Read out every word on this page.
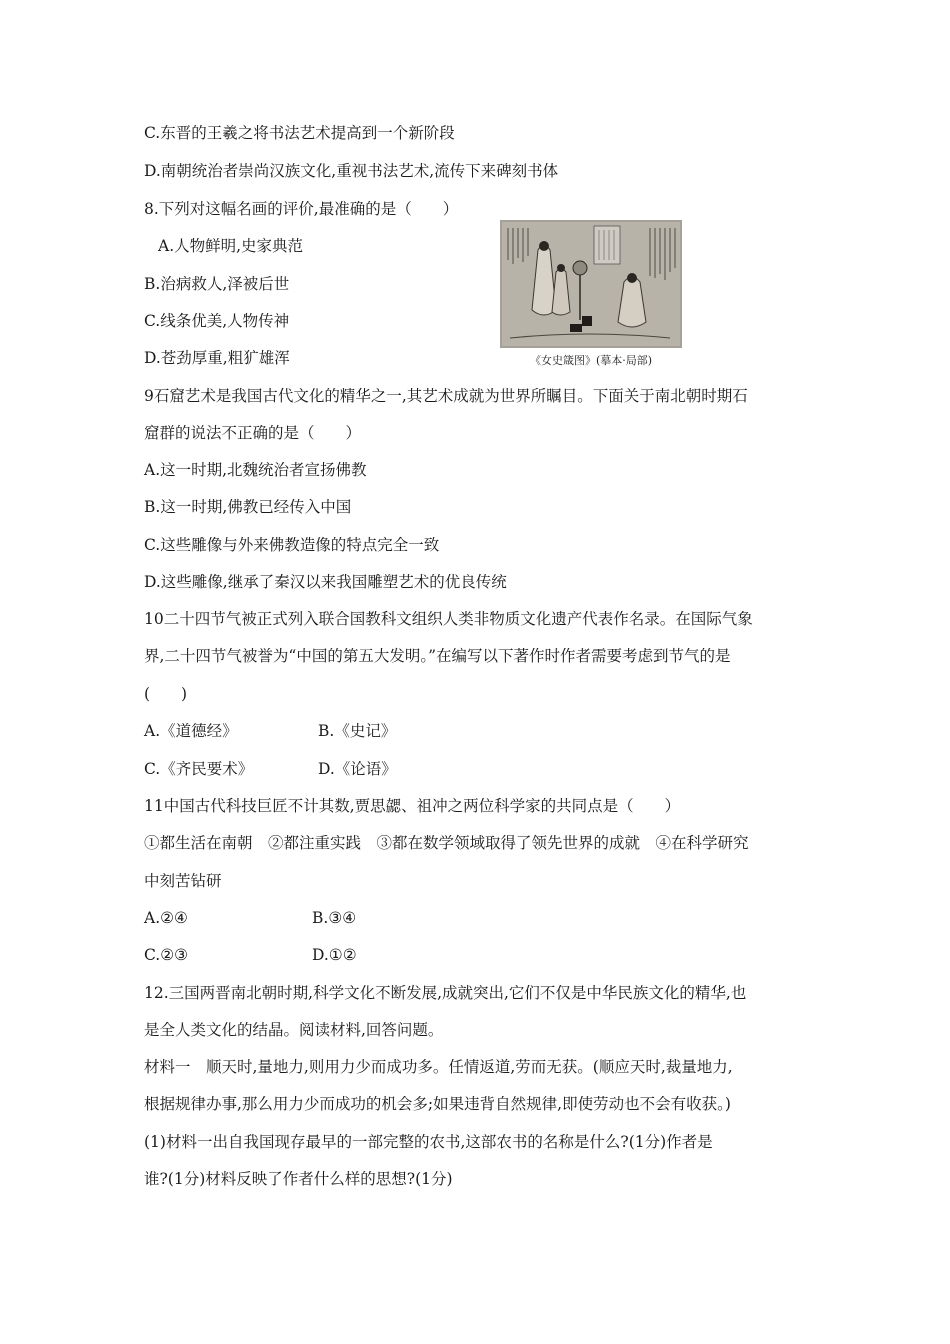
C.东晋的王羲之将书法艺术提高到一个新阶段
D.南朝统治者崇尚汉族文化,重视书法艺术,流传下来碑刻书体
8.下列对这幅名画的评价,最准确的是（　　）
A.人物鲜明,史家典范
B.治病救人,泽被后世
C.线条优美,人物传神
D.苍劲厚重,粗犷雄浑	《女史箴图》(摹本·局部)
9石窟艺术是我国古代文化的精华之一,其艺术成就为世界所瞩目。下面关于南北朝时期石
窟群的说法不正确的是（　　）
A.这一时期,北魏统治者宣扬佛教
B.这一时期,佛教已经传入中国
C.这些雕像与外来佛教造像的特点完全一致
D.这些雕像,继承了秦汉以来我国雕塑艺术的优良传统
10二十四节气被正式列入联合国教科文组织人类非物质文化遗产代表作名录。在国际气象
界,二十四节气被誉为“中国的第五大发明。”在编写以下著作时作者需要考虑到节气的是
(　　)
A.《道德经》	B.《史记》
C.《齐民要术》	D.《论语》
11中国古代科技巨匠不计其数,贾思勰、祖冲之两位科学家的共同点是（　　）
①都生活在南朝　②都注重实践　③都在数学领域取得了领先世界的成就　④在科学研究
中刻苦钻研
A.②④	B.③④
C.②③	D.①②
12.三国两晋南北朝时期,科学文化不断发展,成就突出,它们不仅是中华民族文化的精华,也
是全人类文化的结晶。阅读材料,回答问题。
材料一　顺天时,量地力,则用力少而成功多。任情返道,劳而无获。(顺应天时,裁量地力,
根据规律办事,那么用力少而成功的机会多;如果违背自然规律,即使劳动也不会有收获。)
(1)材料一出自我国现存最早的一部完整的农书,这部农书的名称是什么?(1分)作者是
谁?(1分)材料反映了作者什么样的思想?(1分)
